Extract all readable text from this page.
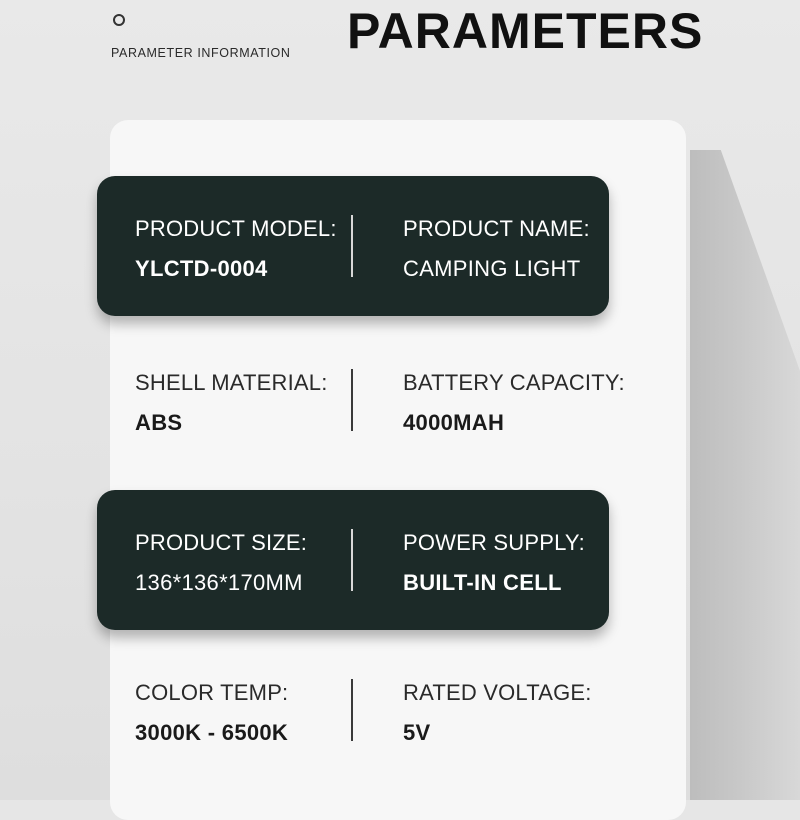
PARAMETER INFORMATION PARAMETERS
PRODUCT MODEL:
YLCTD-0004
PRODUCT NAME:
CAMPING LIGHT
SHELL MATERIAL:
ABS
BATTERY CAPACITY:
4000MAH
PRODUCT SIZE:
136*136*170MM
POWER SUPPLY:
BUILT-IN CELL
COLOR TEMP:
3000K - 6500K
RATED VOLTAGE:
5V
